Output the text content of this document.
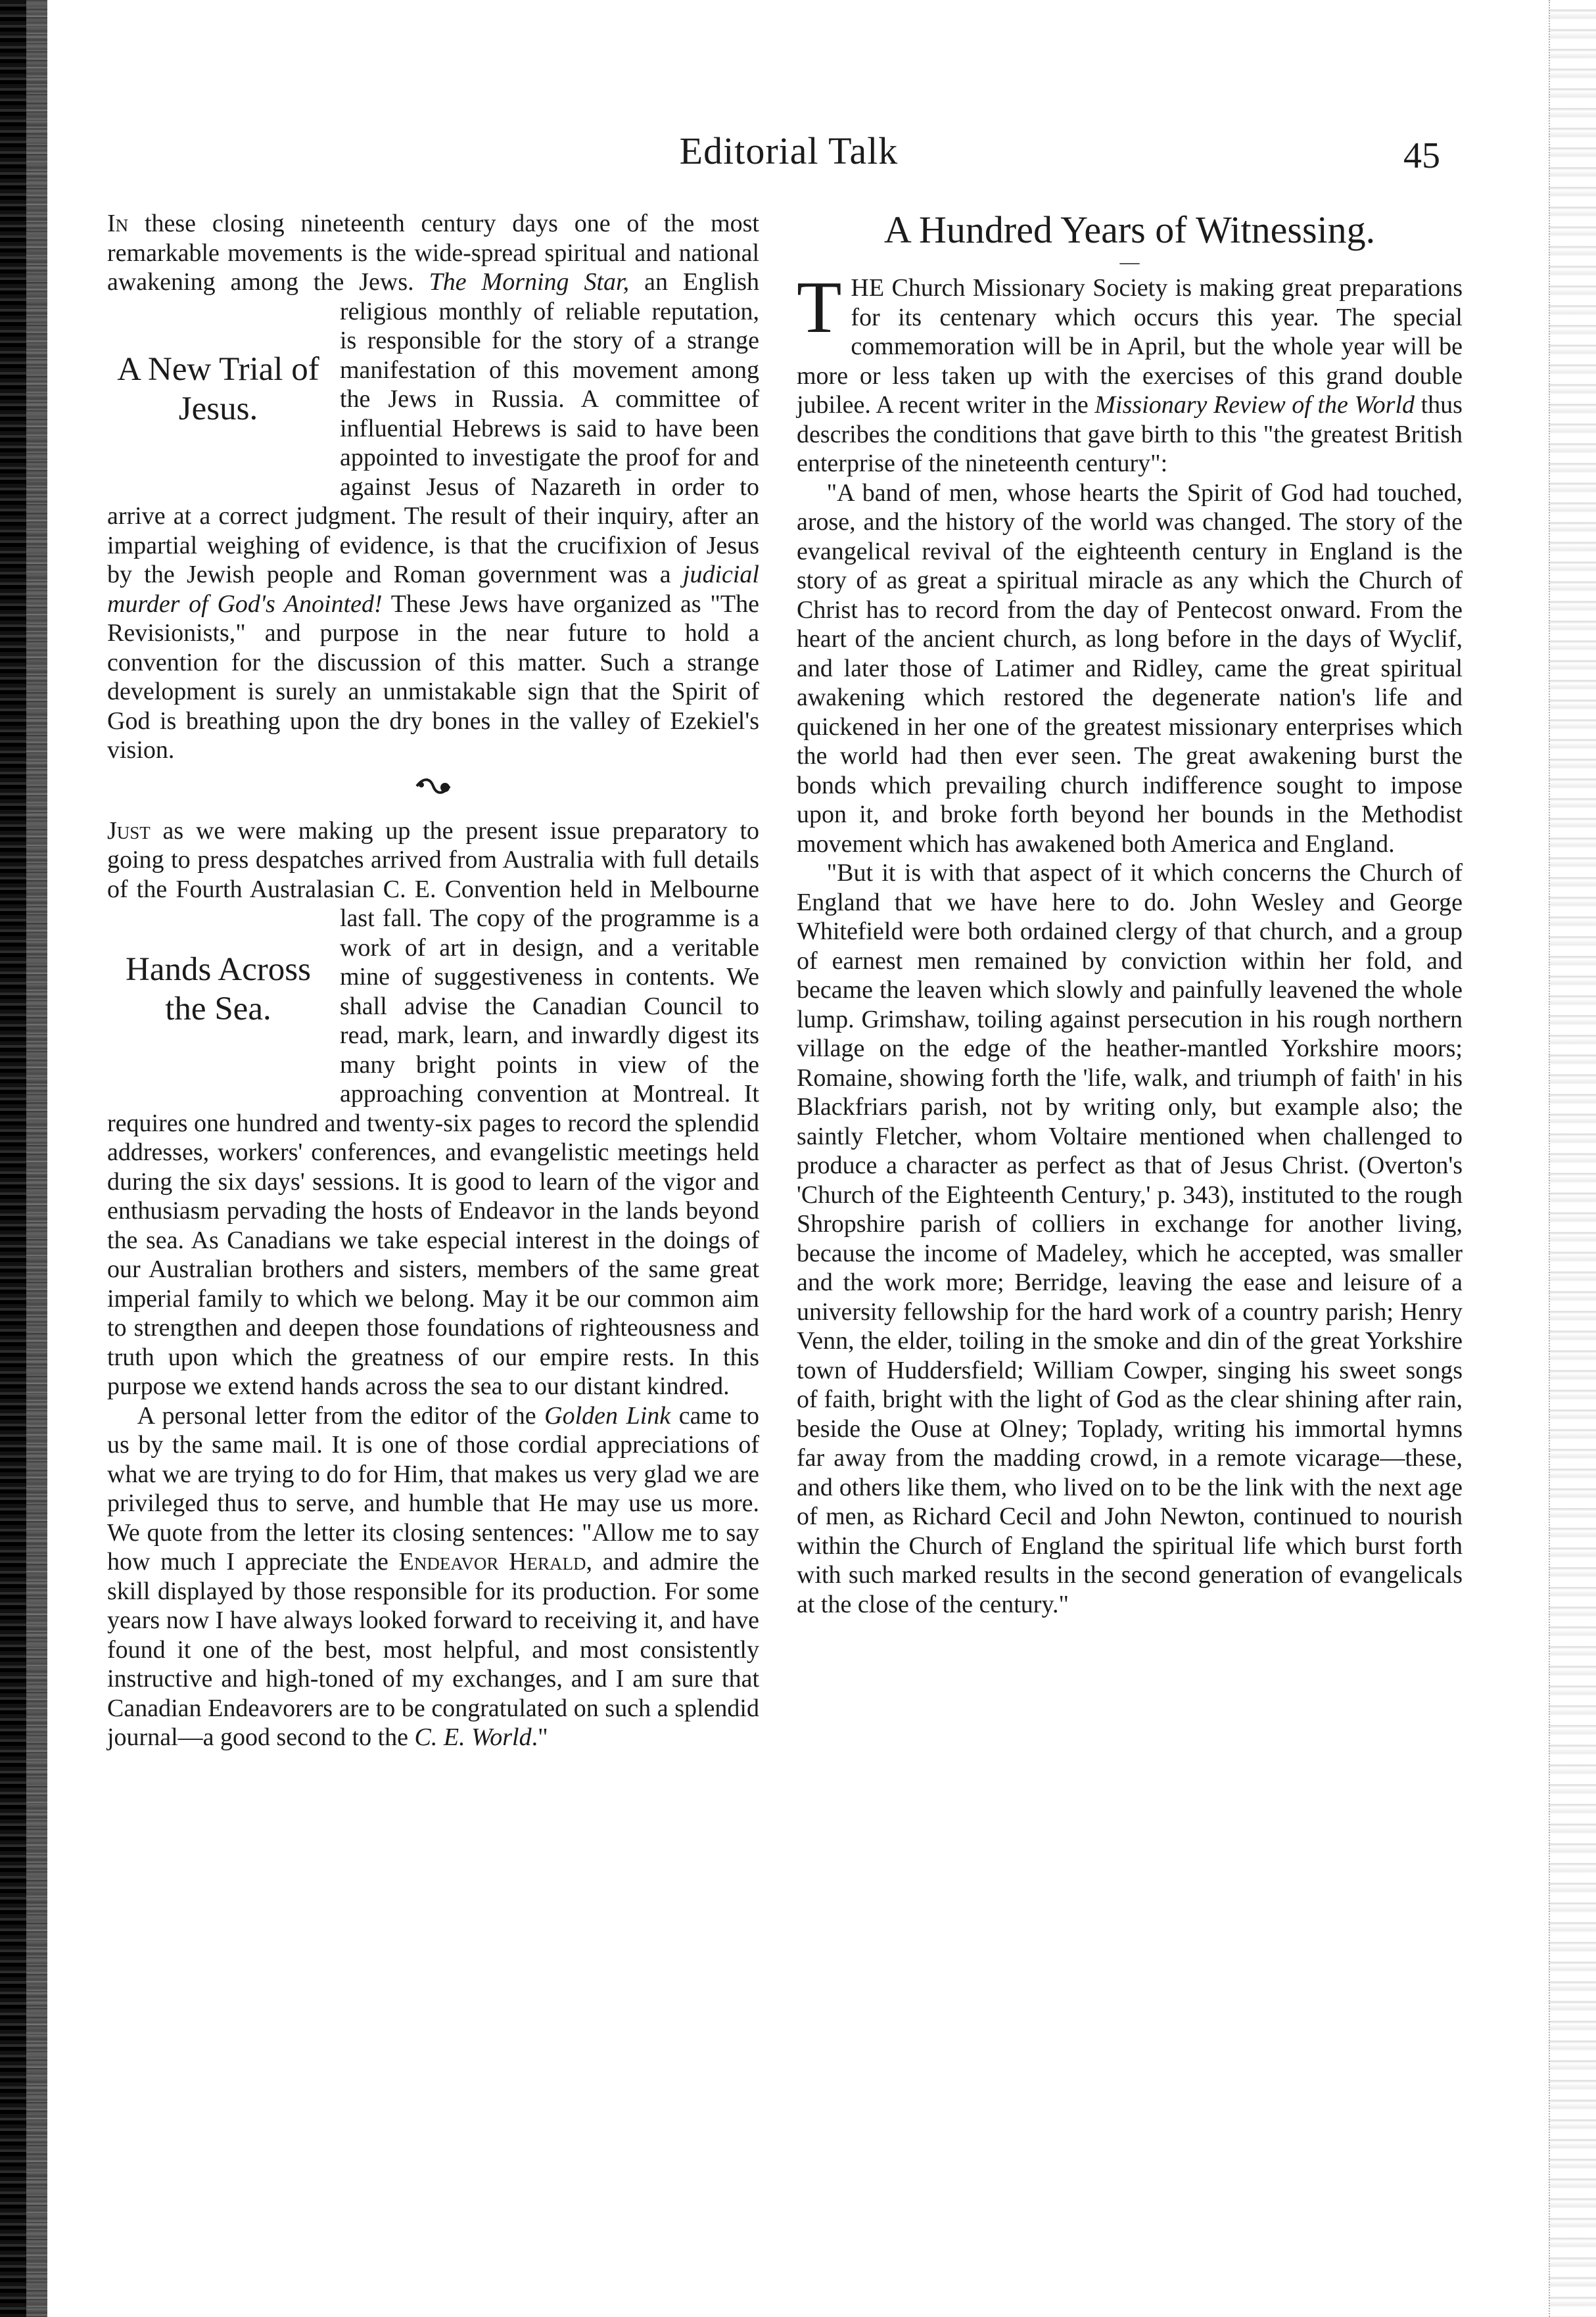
Editorial Talk	45

In these closing nineteenth century days one of the most remarkable movements is the wide-spread spiritual and national awakening among the Jews. The Morning Star,
A New Trial of Jesus.
an English religious monthly of reliable reputation, is responsible for the story of a strange manifestation of this movement among the Jews in Russia. A committee of influential Hebrews is said to have been appointed to investigate the proof for and against Jesus of Nazareth in order to arrive at a correct judgment. The result of their inquiry, after an impartial weighing of evidence, is that the crucifixion of Jesus by the Jewish people and Roman government was a judicial murder of God's Anointed! These Jews have organized as "The Revisionists," and purpose in the near future to hold a convention for the discussion of this matter. Such a strange development is surely an unmistakable sign that the Spirit of God is breathing upon the dry bones in the valley of Ezekiel's vision.

Just as we were making up the present issue preparatory to going to press despatches arrived from Australia with full details of the Fourth Australasian C. E. Convention
Hands Across the Sea.
held in Melbourne last fall. The copy of the programme is a work of art in design, and a veritable mine of suggestiveness in contents. We shall advise the Canadian Council to read, mark, learn, and inwardly digest its many bright points in view of the approaching convention at Montreal. It requires one hundred and twenty-six pages to record the splendid addresses, workers' conferences, and evangelistic meetings held during the six days' sessions. It is good to learn of the vigor and enthusiasm pervading the hosts of Endeavor in the lands beyond the sea. As Canadians we take especial interest in the doings of our Australian brothers and sisters, members of the same great imperial family to which we belong. May it be our common aim to strengthen and deepen those foundations of righteousness and truth upon which the greatness of our empire rests. In this purpose we extend hands across the sea to our distant kindred.

A personal letter from the editor of the Golden Link came to us by the same mail. It is one of those cordial appreciations of what we are trying to do for Him, that makes us very glad we are privileged thus to serve, and humble that He may use us more. We quote from the letter its closing sentences: "Allow me to say how much I appreciate the Endeavor Herald, and admire the skill displayed by those responsible for its production. For some years now I have always looked forward to receiving it, and have found it one of the best, most helpful, and most consistently instructive and high-toned of my exchanges, and I am sure that Canadian Endeavorers are to be congratulated on such a splendid journal—a good second to the C. E. World."

A Hundred Years of Witnessing.
—

THE Church Missionary Society is making great preparations for its centenary which occurs this year. The special commemoration will be in April, but the whole year will be more or less taken up with the exercises of this grand double jubilee. A recent writer in the Missionary Review of the World thus describes the conditions that gave birth to this "the greatest British enterprise of the nineteenth century":

"A band of men, whose hearts the Spirit of God had touched, arose, and the history of the world was changed. The story of the evangelical revival of the eighteenth century in England is the story of as great a spiritual miracle as any which the Church of Christ has to record from the day of Pentecost onward. From the heart of the ancient church, as long before in the days of Wyclif, and later those of Latimer and Ridley, came the great spiritual awakening which restored the degenerate nation's life and quickened in her one of the greatest missionary enterprises which the world had then ever seen. The great awakening burst the bonds which prevailing church indifference sought to impose upon it, and broke forth beyond her bounds in the Methodist movement which has awakened both America and England.

"But it is with that aspect of it which concerns the Church of England that we have here to do. John Wesley and George Whitefield were both ordained clergy of that church, and a group of earnest men remained by conviction within her fold, and became the leaven which slowly and painfully leavened the whole lump. Grimshaw, toiling against persecution in his rough northern village on the edge of the heather-mantled Yorkshire moors; Romaine, showing forth the 'life, walk, and triumph of faith' in his Blackfriars parish, not by writing only, but example also; the saintly Fletcher, whom Voltaire mentioned when challenged to produce a character as perfect as that of Jesus Christ. (Overton's 'Church of the Eighteenth Century,' p. 343), instituted to the rough Shropshire parish of colliers in exchange for another living, because the income of Madeley, which he accepted, was smaller and the work more; Berridge, leaving the ease and leisure of a university fellowship for the hard work of a country parish; Henry Venn, the elder, toiling in the smoke and din of the great Yorkshire town of Huddersfield; William Cowper, singing his sweet songs of faith, bright with the light of God as the clear shining after rain, beside the Ouse at Olney; Toplady, writing his immortal hymns far away from the madding crowd, in a remote vicarage—these, and others like them, who lived on to be the link with the next age of men, as Richard Cecil and John Newton, continued to nourish within the Church of England the spiritual life which burst forth with such marked results in the second generation of evangelicals at the close of the century."
